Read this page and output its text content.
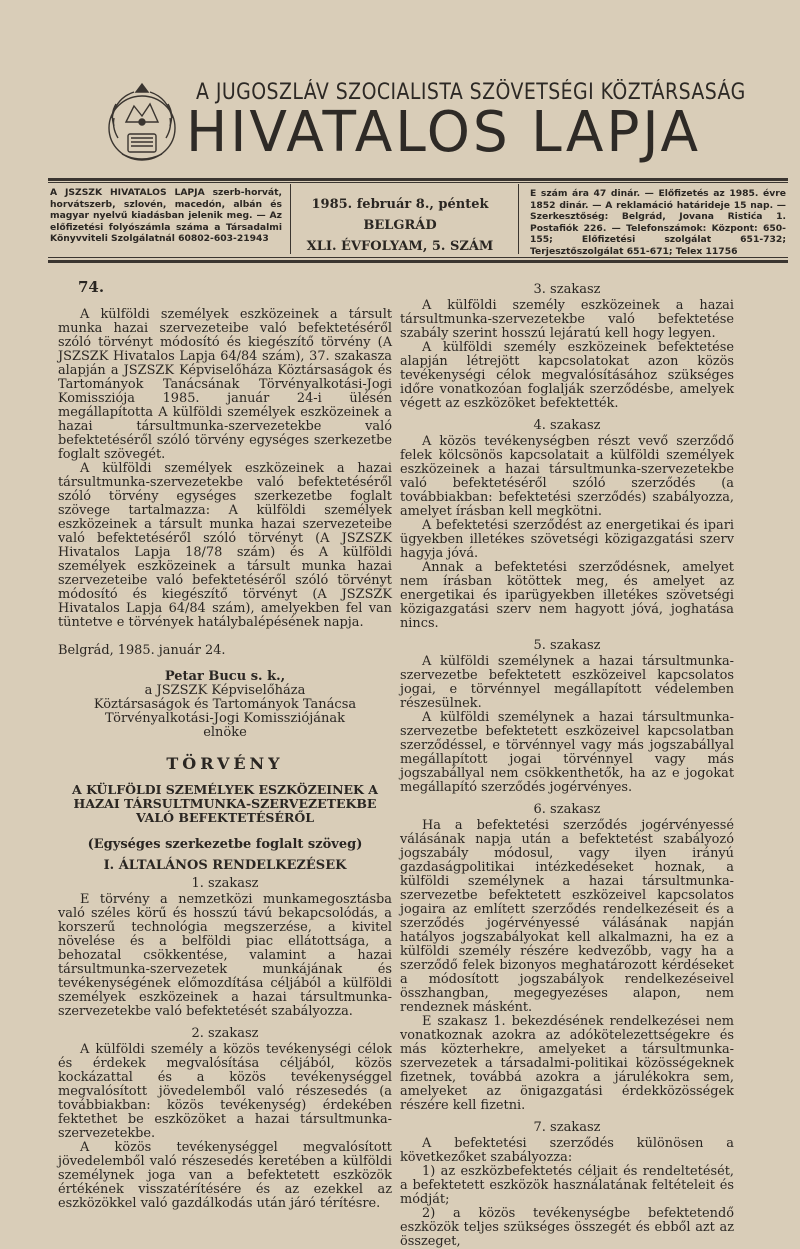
A JUGOSZLÁV SZOCIALISTA SZÖVETSÉGI KÖZTÁRSASÁG
HIVATALOS LAPJA
A JSZSZK HIVATALOS LAPJA szerb-horvát, horvátszerb, szlovén, macedón, albán és magyar nyelvű kiadásban jelenik meg. — Az előfizetési folyószámla száma a Társadalmi Könyvviteli Szolgálatnál 60802-603-21943
1985. február 8., péntek
BELGRÁD
XLI. ÉVFOLYAM, 5. SZÁM
E szám ára 47 dinár. — Előfizetés az 1985. évre 1852 dinár. — A reklamáció határideje 15 nap. — Szerkesztőség: Belgrád, Jovana Ristića 1. Postafiók 226. — Telefonszámok: Központ: 650-155; Előfizetési szolgálat 651-732; Terjesztőszolgálat 651-671; Telex 11756

74.

A külföldi személyek eszközeinek a társult munka hazai szervezeteibe való befektetéséről szóló törvényt módosító és kiegészítő törvény (A JSZSZK Hivatalos Lapja 64/84 szám), 37. szakasza alapján a JSZSZK Képviselőháza Köztársaságok és Tartományok Tanácsának Törvényalkotási-Jogi Komissziója 1985. január 24-i ülésén megállapította A külföldi személyek eszközeinek a hazai társultmunka-szervezetekbe való befektetéséről szóló törvény egységes szerkezetbe foglalt szövegét.

A külföldi személyek eszközeinek a hazai társultmunka-szervezetekbe való befektetéséről szóló törvény egységes szerkezetbe foglalt szövege tartalmazza: A külföldi személyek eszközeinek a társult munka hazai szervezeteibe való befektetéséről szóló törvényt (A JSZSZK Hivatalos Lapja 18/78 szám) és A külföldi személyek eszközeinek a társult munka hazai szervezeteibe való befektetéséről szóló törvényt módosító és kiegészítő törvényt (A JSZSZK Hivatalos Lapja 64/84 szám), amelyekben fel van tüntetve e törvények hatálybalépésének napja.

Belgrád, 1985. január 24.

Petar Bucu s. k.,
a JSZSZK Képviselőháza
Köztársaságok és Tartományok Tanácsa
Törvényalkotási-Jogi Komissziójának
elnöke
TÖRVÉNY
A KÜLFÖLDI SZEMÉLYEK ESZKÖZEINEK A HAZAI TÁRSULTMUNKA-SZERVEZETEKBE VALÓ BEFEKTETÉSÉRŐL
(Egységes szerkezetbe foglalt szöveg)
I. ÁLTALÁNOS RENDELKEZÉSEK
1. szakasz

E törvény a nemzetközi munkamegosztásba való széles körű és hosszú távú bekapcsolódás, a korszerű technológia megszerzése, a kivitel növelése és a belföldi piac ellátottsága, a behozatal csökkentése, valamint a hazai társultmunka-szervezetek munkájának és tevékenységének előmozdítása céljából a külföldi személyek eszközeinek a hazai társultmunka-szervezetekbe való befektetését szabályozza.

2. szakasz

A külföldi személy a közös tevékenységi célok és érdekek megvalósítása céljából, közös kockázattal és a közös tevékenységgel megvalósított jövedelemből való részesedés (a továbbiakban: közös tevékenység) érdekében fektethet be eszközöket a hazai társultmunka-szervezetekbe.

A közös tevékenységgel megvalósított jövedelemből való részesedés keretében a külföldi személynek joga van a befektetett eszközök értékének visszatérítésére és az ezekkel az eszközökkel való gazdálkodás után járó térítésre.

3. szakasz

A külföldi személy eszközeinek a hazai társultmunka-szervezetekbe való befektetése szabály szerint hosszú lejáratú kell hogy legyen.

A külföldi személy eszközeinek befektetése alapján létrejött kapcsolatokat azon közös tevékenységi célok megvalósításához szükséges időre vonatkozóan foglalják szerződésbe, amelyek végett az eszközöket befektették.

4. szakasz

A közös tevékenységben részt vevő szerződő felek kölcsönös kapcsolatait a külföldi személyek eszközeinek a hazai társultmunka-szervezetekbe való befektetéséről szóló szerződés (a továbbiakban: befektetési szerződés) szabályozza, amelyet írásban kell megkötni.

A befektetési szerződést az energetikai és ipari ügyekben illetékes szövetségi közigazgatási szerv hagyja jóvá.

Annak a befektetési szerződésnek, amelyet nem írásban kötöttek meg, és amelyet az energetikai és iparügyekben illetékes szövetségi közigazgatási szerv nem hagyott jóvá, joghatása nincs.

5. szakasz

A külföldi személynek a hazai társultmunka-szervezetbe befektetett eszközeivel kapcsolatos jogai, e törvénnyel megállapított védelemben részesülnek.

A külföldi személynek a hazai társultmunka-szervezetbe befektetett eszközeivel kapcsolatban szerződéssel, e törvénnyel vagy más jogszabállyal megállapított jogai törvénnyel vagy más jogszabállyal nem csökkenthetők, ha az e jogokat megállapító szerződés jogérvényes.

6. szakasz

Ha a befektetési szerződés jogérvényessé válásának napja után a befektetést szabályozó jogszabály módosul, vagy ilyen irányú gazdaságpolitikai intézkedéseket hoznak, a külföldi személynek a hazai társultmunka-szervezetbe befektetett eszközeivel kapcsolatos jogaira az említett szerződés rendelkezéseit és a szerződés jogérvényessé válásának napján hatályos jogszabályokat kell alkalmazni, ha ez a külföldi személy részére kedvezőbb, vagy ha a szerződő felek bizonyos meghatározott kérdéseket a módosított jogszabályok rendelkezéseivel összhangban, megegyezéses alapon, nem rendeznek másként.

E szakasz 1. bekezdésének rendelkezései nem vonatkoznak azokra az adókötelezettségekre és más közterhekre, amelyeket a társultmunka-szervezetek a társadalmi-politikai közösségeknek fizetnek, továbbá azokra a járulékokra sem, amelyeket az önigazgatási érdekközösségek részére kell fizetni.

7. szakasz

A befektetési szerződés különösen a következőket szabályozza:

1) az eszközbefektetés céljait és rendeltetését, a befektetett eszközök használatának feltételeit és módját;

2) a közös tevékenységbe befektetendő eszközök teljes szükséges összegét és ebből azt az összeget,
